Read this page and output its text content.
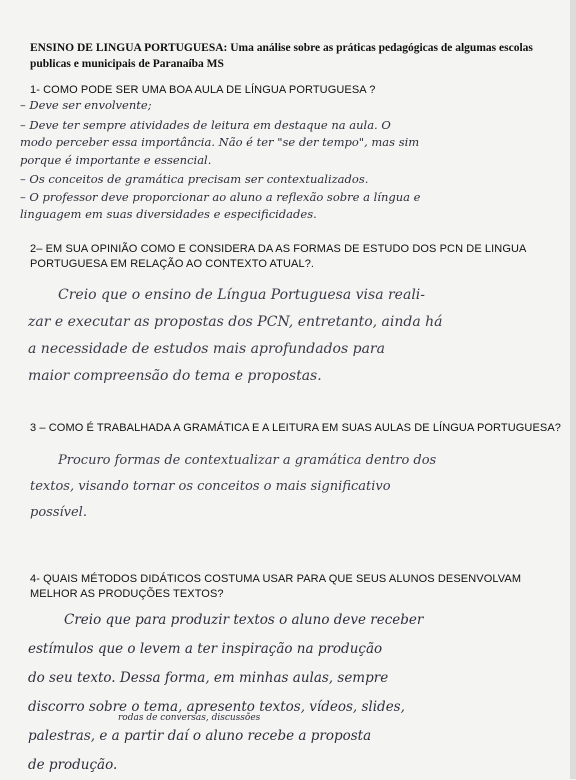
ENSINO DE LINGUA PORTUGUESA: Uma análise sobre as práticas pedagógicas de algumas escolas publicas e municipais de Paranaíba MS
1- COMO PODE SER UMA BOA AULA DE LÍNGUA PORTUGUESA ?
– Deve ser envolvente;
– Deve ter sempre atividades de leitura em destaque na aula. O
modo perceber essa importância. Não é ter "se der tempo", mas sim
porque é importante e essencial.
– Os conceitos de gramática precisam ser contextualizados.
– O professor deve proporcionar ao aluno a reflexão sobre a língua e
linguagem em suas diversidades e especificidades.
2– EM SUA OPINIÃO COMO E CONSIDERA DA AS FORMAS DE ESTUDO DOS PCN DE LINGUA PORTUGUESA EM RELAÇÃO AO CONTEXTO ATUAL?.
Creio que o ensino de Língua Portuguesa visa reali-
zar e executar as propostas dos PCN, entretanto, ainda há
a necessidade de estudos mais aprofundados para
maior compreensão do tema e propostas.
3 – COMO É TRABALHADA A GRAMÁTICA E A LEITURA EM SUAS AULAS DE LÍNGUA PORTUGUESA?
Procuro formas de contextualizar a gramática dentro dos
textos, visando tornar os conceitos o mais significativo
possível.
4- QUAIS MÉTODOS DIDÁTICOS COSTUMA USAR PARA QUE SEUS ALUNOS DESENVOLVAM MELHOR AS PRODUÇÕES TEXTOS?
Creio que para produzir textos o aluno deve receber
estímulos que o levem a ter inspiração na produção
do seu texto. Dessa forma, em minhas aulas, sempre
discorro sobre o tema, apresento textos, vídeos, slides,
palestras, e a partir daí o aluno recebe a proposta
de produção.
rodas de conversas, discussões
